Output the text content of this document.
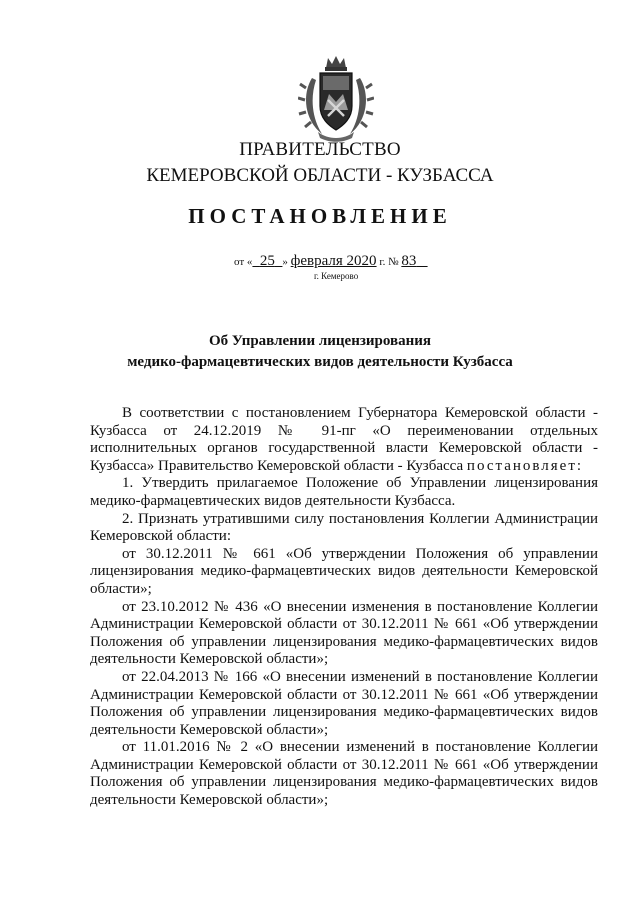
ПРАВИТЕЛЬСТВО
КЕМЕРОВСКОЙ ОБЛАСТИ - КУЗБАССА
ПОСТАНОВЛЕНИЕ
от « 25 » февраля 2020 г. № 83
г. Кемерово
Об Управлении лицензирования
медико-фармацевтических видов деятельности Кузбасса

В соответствии с постановлением Губернатора Кемеровской области - Кузбасса от 24.12.2019 № 91-пг «О переименовании отдельных исполнительных органов государственной власти Кемеровской области - Кузбасса» Правительство Кемеровской области - Кузбасса постановляет:

1. Утвердить прилагаемое Положение об Управлении лицензирования медико-фармацевтических видов деятельности Кузбасса.

2. Признать утратившими силу постановления Коллегии Администрации Кемеровской области:

от 30.12.2011 № 661 «Об утверждении Положения об управлении лицензирования медико-фармацевтических видов деятельности Кемеровской области»;

от 23.10.2012 № 436 «О внесении изменения в постановление Коллегии Администрации Кемеровской области от 30.12.2011 № 661 «Об утверждении Положения об управлении лицензирования медико-фармацевтических видов деятельности Кемеровской области»;

от 22.04.2013 № 166 «О внесении изменений в постановление Коллегии Администрации Кемеровской области от 30.12.2011 № 661 «Об утверждении Положения об управлении лицензирования медико-фармацевтических видов деятельности Кемеровской области»;

от 11.01.2016 № 2 «О внесении изменений в постановление Коллегии Администрации Кемеровской области от 30.12.2011 № 661 «Об утверждении Положения об управлении лицензирования медико-фармацевтических видов деятельности Кемеровской области»;
